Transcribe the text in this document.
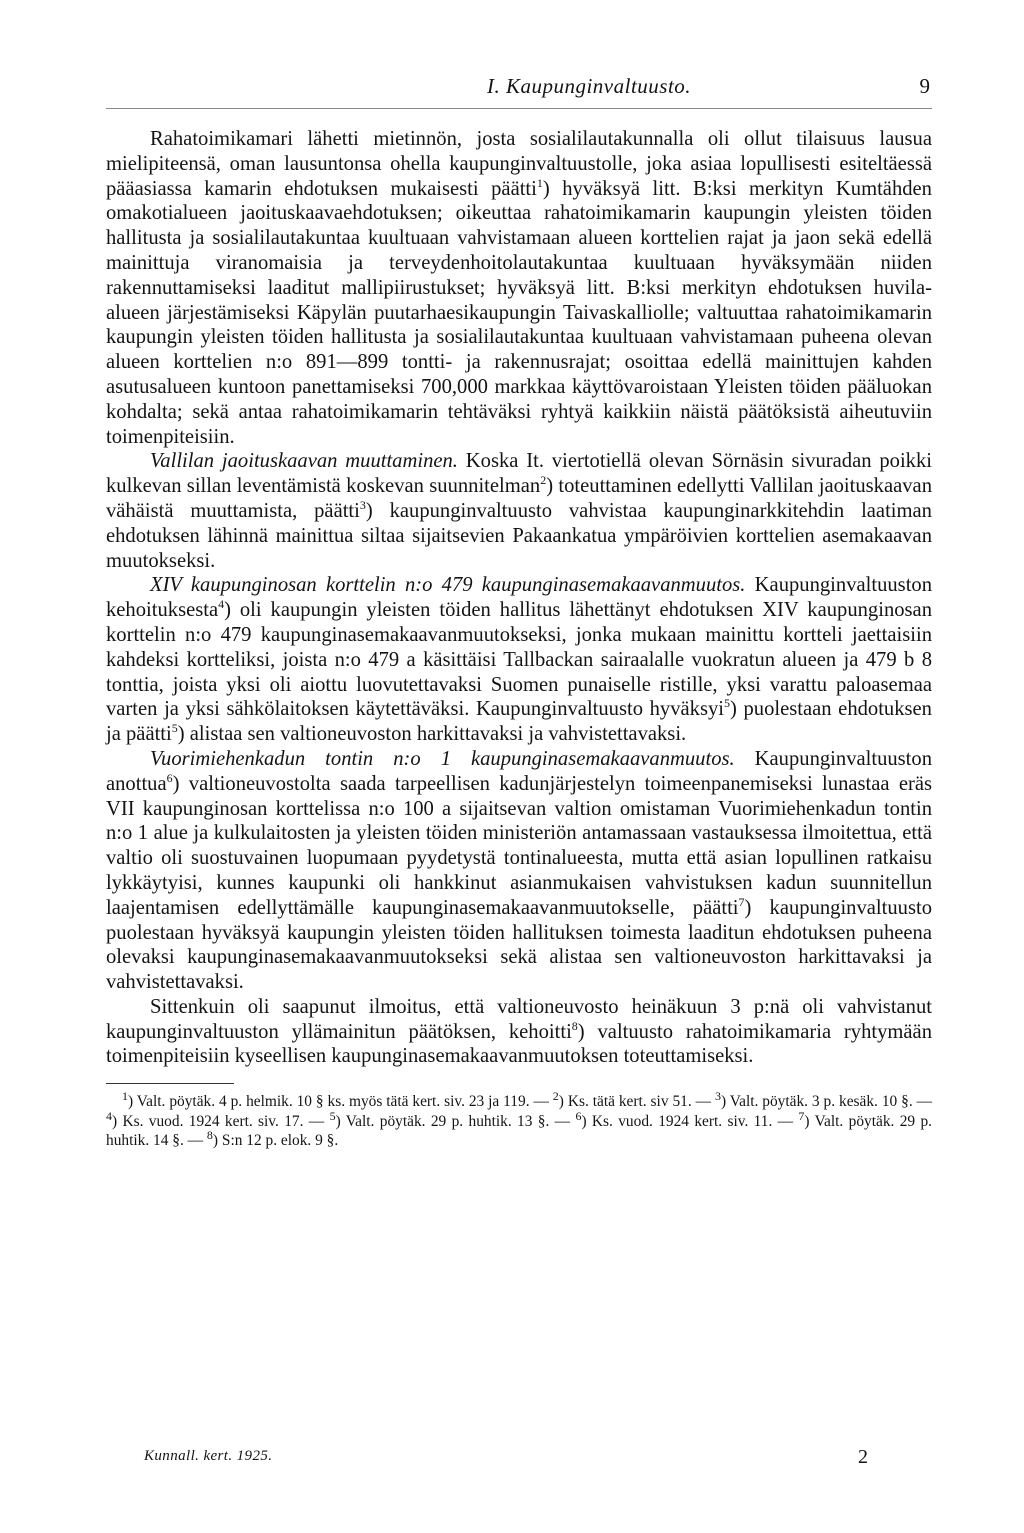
I. Kaupunginvaltuusto.	9

Rahatoimikamari lähetti mietinnön, josta sosialilautakunnalla oli ollut tilaisuus lausua mielipiteensä, oman lausuntonsa ohella kaupunginvaltuustolle, joka asiaa lopullisesti esiteltäessä pääasiassa kamarin ehdotuksen mukaisesti päätti$^1$) hyväksyä litt. B:ksi merkityn Kumtähden omakotialueen jaoituskaavaehdotuksen; oikeuttaa rahatoimikamarin kaupungin yleisten töiden hallitusta ja sosialilautakuntaa kuultuaan vahvistamaan alueen korttelien rajat ja jaon sekä edellä mainittuja viranomaisia ja terveydenhoitolautakuntaa kuultuaan hyväksymään niiden rakennuttamiseksi laaditut mallipiirustukset; hyväksyä litt. B:ksi merkityn ehdotuksen huvila-alueen järjestämiseksi Käpylän puutarhaesikaupungin Taivaskalliolle; valtuuttaa rahatoimikamarin kaupungin yleisten töiden hallitusta ja sosialilautakuntaa kuultuaan vahvistamaan puheena olevan alueen korttelien n:o 891—899 tontti- ja rakennusrajat; osoittaa edellä mainittujen kahden asutusalueen kuntoon panettamiseksi 700,000 markkaa käyttövaroistaan Yleisten töiden pääluokan kohdalta; sekä antaa rahatoimikamarin tehtäväksi ryhtyä kaikkiin näistä päätöksistä aiheutuviin toimenpiteisiin.

Vallilan jaoituskaavan muuttaminen. Koska It. viertotiellä olevan Sörnäsin sivuradan poikki kulkevan sillan leventämistä koskevan suunnitelman$^2$) toteuttaminen edellytti Vallilan jaoituskaavan vähäistä muuttamista, päätti$^3$) kaupunginvaltuusto vahvistaa kaupunginarkkitehdin laatiman ehdotuksen lähinnä mainittua siltaa sijaitsevien Pakaankatua ympäröivien korttelien asemakaavan muutokseksi.

XIV kaupunginosan korttelin n:o 479 kaupunginasemakaavanmuutos. Kaupunginvaltuuston kehoituksesta$^4$) oli kaupungin yleisten töiden hallitus lähettänyt ehdotuksen XIV kaupunginosan korttelin n:o 479 kaupunginasemakaavanmuutokseksi, jonka mukaan mainittu kortteli jaettaisiin kahdeksi kortteliksi, joista n:o 479 a käsittäisi Tallbackan sairaalalle vuokratun alueen ja 479 b 8 tonttia, joista yksi oli aiottu luovutettavaksi Suomen punaiselle ristille, yksi varattu paloasemaa varten ja yksi sähkölaitoksen käytettäväksi. Kaupunginvaltuusto hyväksyi$^5$) puolestaan ehdotuksen ja päätti$^5$) alistaa sen valtioneuvoston harkittavaksi ja vahvistettavaksi.

Vuorimiehenkadun tontin n:o 1 kaupunginasemakaavanmuutos. Kaupunginvaltuuston anottua$^6$) valtioneuvostolta saada tarpeellisen kadunjärjestelyn toimeenpanemiseksi lunastaa eräs VII kaupunginosan korttelissa n:o 100 a sijaitsevan valtion omistaman Vuorimiehenkadun tontin n:o 1 alue ja kulkulaitosten ja yleisten töiden ministeriön antamassaan vastauksessa ilmoitettua, että valtio oli suostuvainen luopumaan pyydetystä tontinalueesta, mutta että asian lopullinen ratkaisu lykkäytyisi, kunnes kaupunki oli hankkinut asianmukaisen vahvistuksen kadun suunnitellun laajentamisen edellyttämälle kaupunginasemakaavanmuutokselle, päätti$^7$) kaupunginvaltuusto puolestaan hyväksyä kaupungin yleisten töiden hallituksen toimesta laaditun ehdotuksen puheena olevaksi kaupunginasemakaavanmuutokseksi sekä alistaa sen valtioneuvoston harkittavaksi ja vahvistettavaksi.

Sittenkuin oli saapunut ilmoitus, että valtioneuvosto heinäkuun 3 p:nä oli vahvistanut kaupunginvaltuuston yllämainitun päätöksen, kehoitti$^8$) valtuusto rahatoimikamaria ryhtymään toimenpiteisiin kyseellisen kaupunginasemakaavanmuutoksen toteuttamiseksi.

$^1$) Valt. pöytäk. 4 p. helmik. 10 § ks. myös tätä kert. siv. 23 ja 119. — $^2$) Ks. tätä kert. siv 51. — $^3$) Valt. pöytäk. 3 p. kesäk. 10 §. — $^4$) Ks. vuod. 1924 kert. siv. 17. — $^5$) Valt. pöytäk. 29 p. huhtik. 13 §. — $^6$) Ks. vuod. 1924 kert. siv. 11. — $^7$) Valt. pöytäk. 29 p. huhtik. 14 §. — $^8$) S:n 12 p. elok. 9 §.
Kunnall. kert. 1925.	2
